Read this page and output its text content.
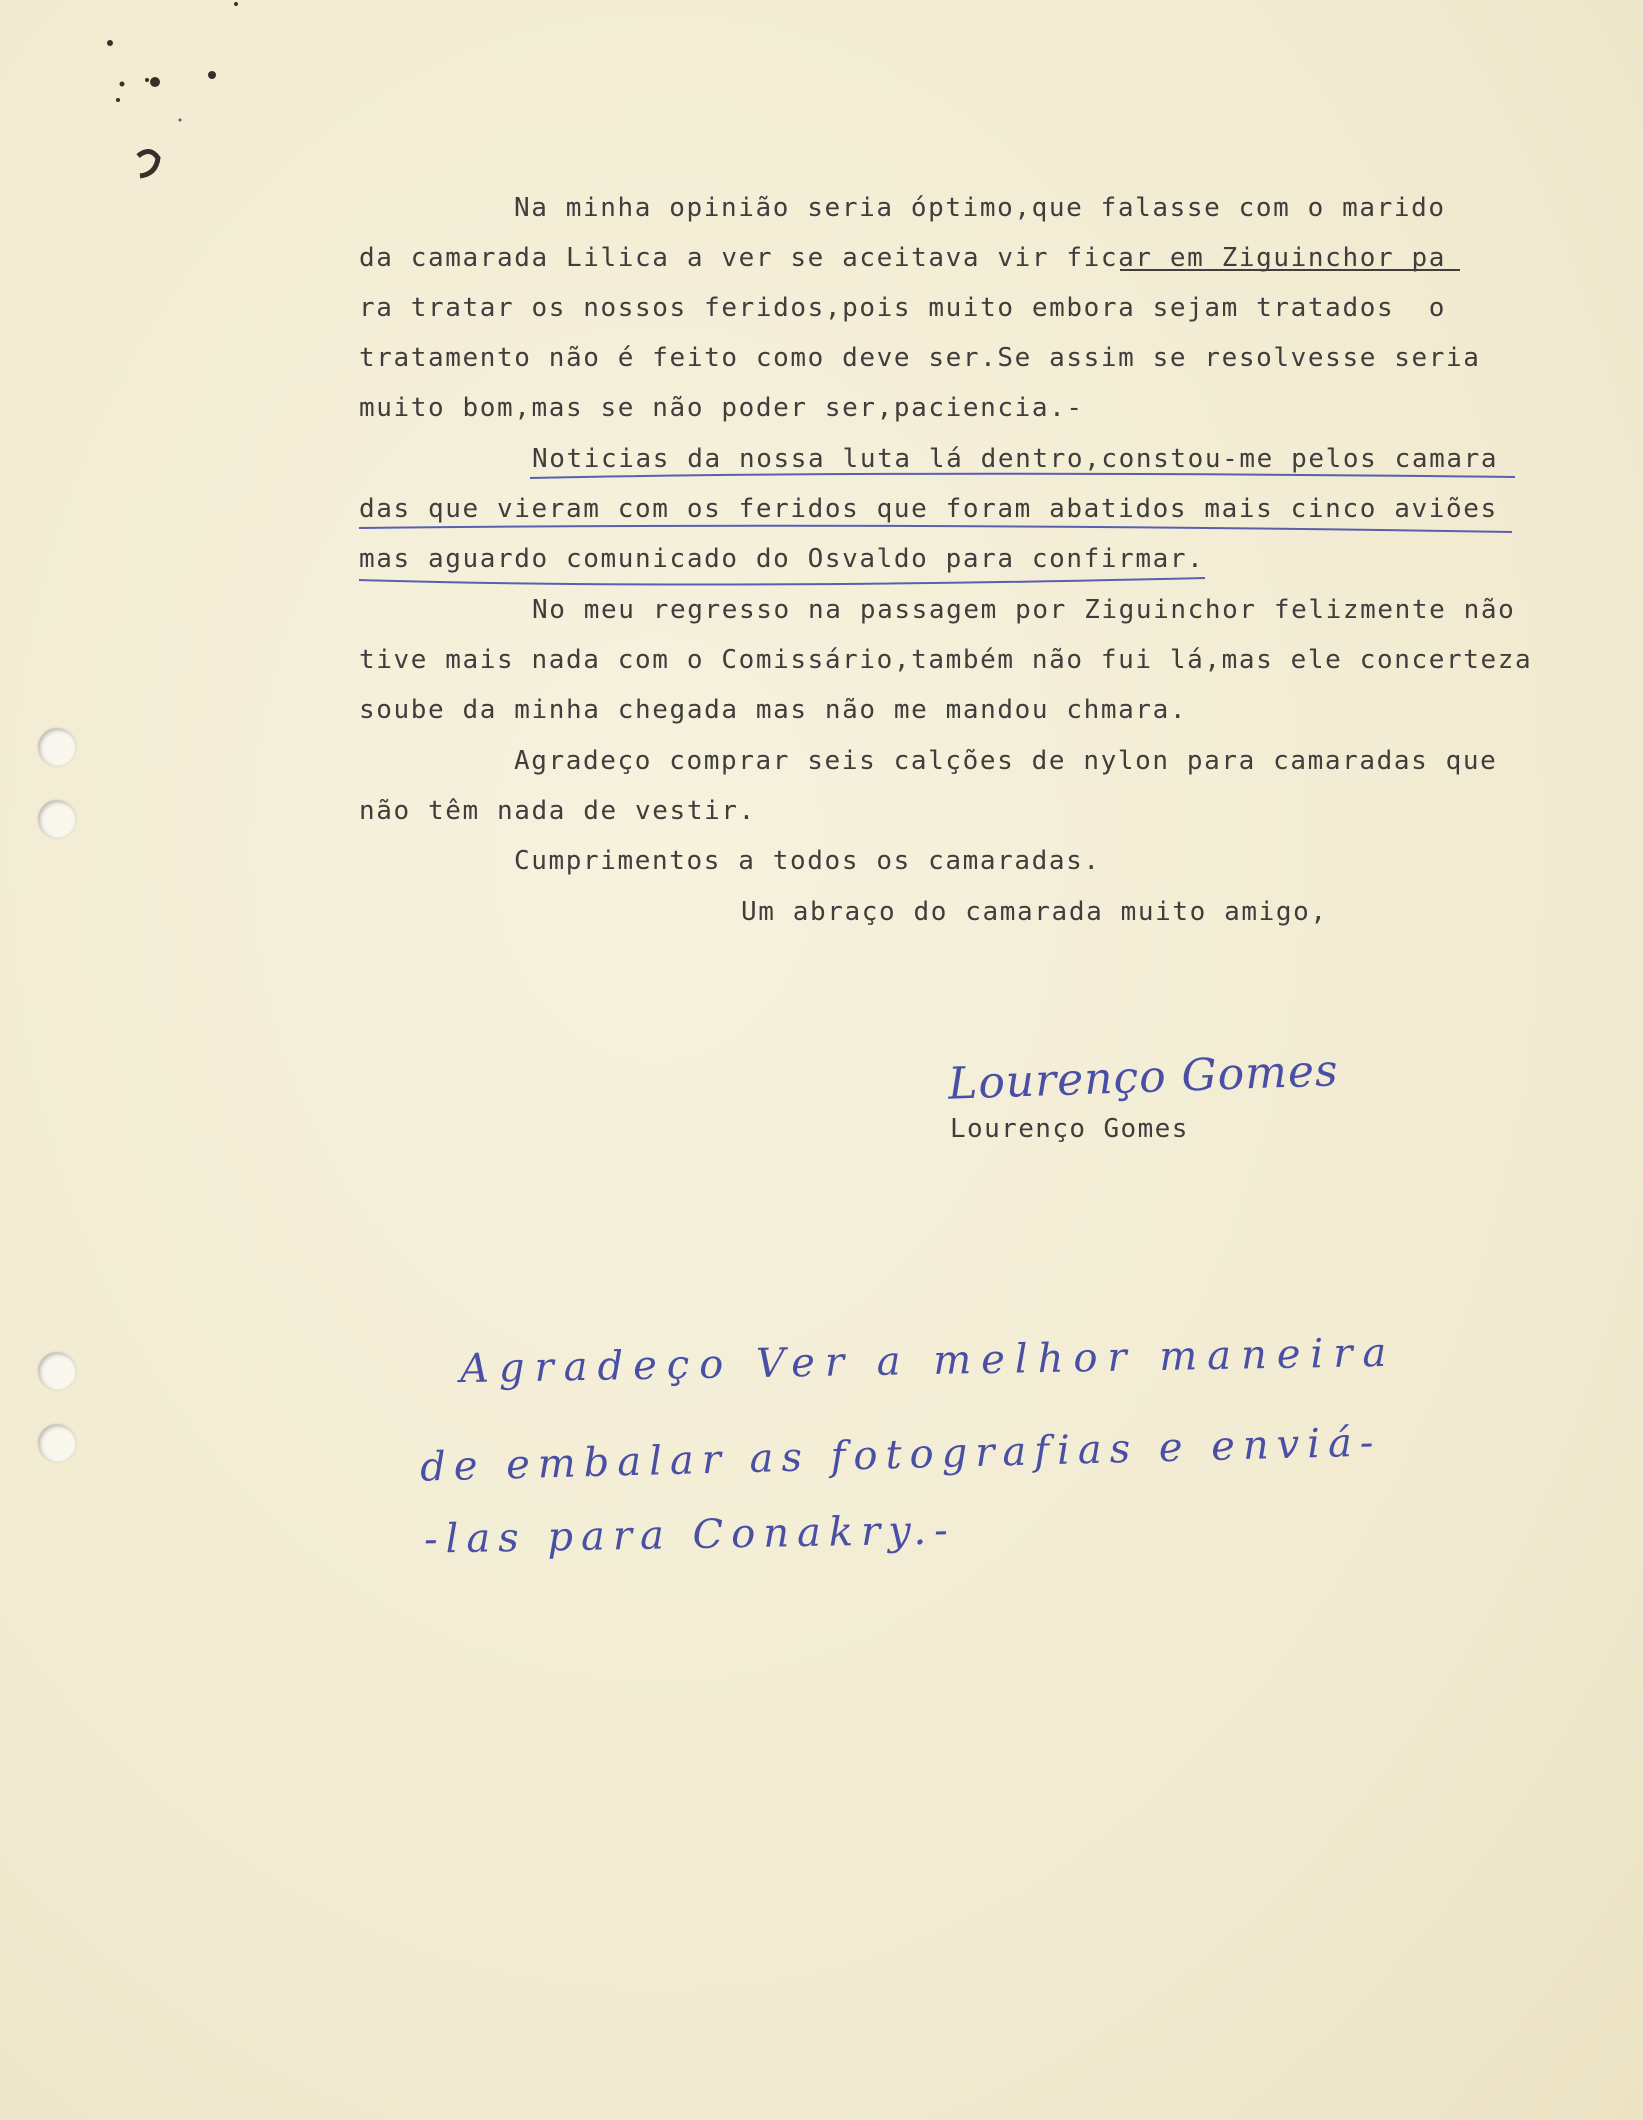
Na minha opinião seria óptimo,que falasse com o marido
da camarada Lilica a ver se aceitava vir ficar em Ziguinchor pa
ra tratar os nossos feridos,pois muito embora sejam tratados  o
tratamento não é feito como deve ser.Se assim se resolvesse seria
muito bom,mas se não poder ser,paciencia.-
Noticias da nossa luta lá dentro,constou-me pelos camara
das que vieram com os feridos que foram abatidos mais cinco aviões
mas aguardo comunicado do Osvaldo para confirmar.
No meu regresso na passagem por Ziguinchor felizmente não
tive mais nada com o Comissário,também não fui lá,mas ele concerteza
soube da minha chegada mas não me mandou chmara.
Agradeço comprar seis calções de nylon para camaradas que
não têm nada de vestir.
Cumprimentos a todos os camaradas.
Um abraço do camarada muito amigo,
Lourenço Gomes
Lourenço Gomes
Agradeço Ver a melhor maneira
de embalar as fotografias e enviá-
-las para Conakry.-
